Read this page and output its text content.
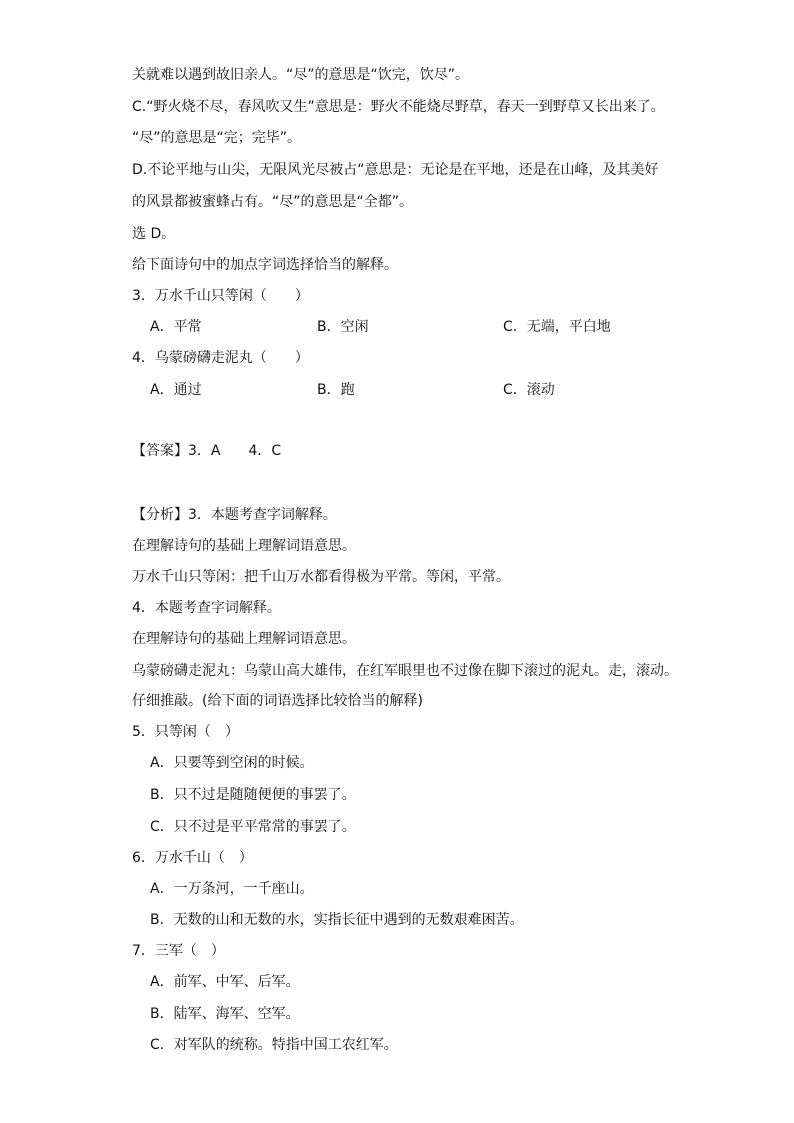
关就难以遇到故旧亲人。“尽”的意思是“饮完，饮尽”。
C.“野火烧不尽，春风吹又生”意思是：野火不能烧尽野草，春天一到野草又长出来了。
“尽”的意思是“完；完毕”。
D.不论平地与山尖，无限风光尽被占“意思是：无论是在平地，还是在山峰，及其美好
的风景都被蜜蜂占有。“尽”的意思是“全都”。
选 D。
给下面诗句中的加点字词选择恰当的解释。
3．万水千山只等闲（　　）
A．平常	B．空闲	C．无端，平白地
4．乌蒙磅礴走泥丸（　　）
A．通过	B．跑	C．滚动
【答案】3．A　　4．C
【分析】3．本题考查字词解释。
在理解诗句的基础上理解词语意思。
万水千山只等闲：把千山万水都看得极为平常。等闲，平常。
4．本题考查字词解释。
在理解诗句的基础上理解词语意思。
乌蒙磅礴走泥丸：乌蒙山高大雄伟，在红军眼里也不过像在脚下滚过的泥丸。走，滚动。
仔细推敲。(给下面的词语选择比较恰当的解释)
5．只等闲（　）
A．只要等到空闲的时候。
B．只不过是随随便便的事罢了。
C．只不过是平平常常的事罢了。
6．万水千山（　）
A．一万条河，一千座山。
B．无数的山和无数的水，实指长征中遇到的无数艰难困苦。
7．三军（　）
A．前军、中军、后军。
B．陆军、海军、空军。
C．对军队的统称。特指中国工农红军。
